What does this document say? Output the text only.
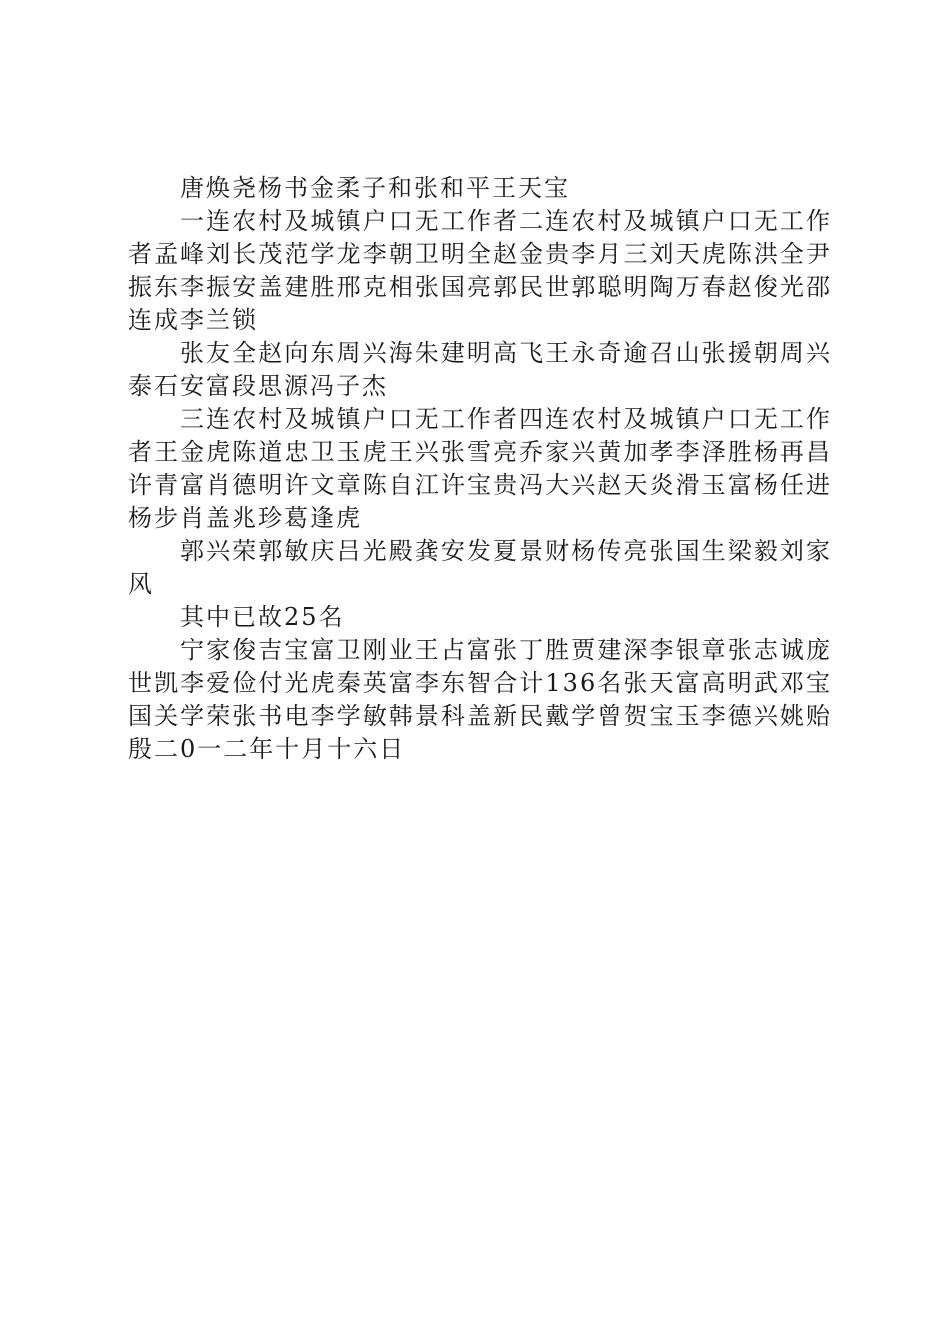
唐焕尧杨书金柔子和张和平王天宝

一连农村及城镇户口无工作者二连农村及城镇户口无工作者孟峰刘长茂范学龙李朝卫明全赵金贵李月三刘天虎陈洪全尹振东李振安盖建胜邢克相张国亮郭民世郭聪明陶万春赵俊光邵连成李兰锁

张友全赵向东周兴海朱建明高飞王永奇逾召山张援朝周兴泰石安富段思源冯子杰

三连农村及城镇户口无工作者四连农村及城镇户口无工作者王金虎陈道忠卫玉虎王兴张雪亮乔家兴黄加孝李泽胜杨再昌许青富肖德明许文章陈自江许宝贵冯大兴赵天炎滑玉富杨任进杨步肖盖兆珍葛逢虎

郭兴荣郭敏庆吕光殿龚安发夏景财杨传亮张国生梁毅刘家风

其中已故25名

宁家俊吉宝富卫刚业王占富张丁胜贾建深李银章张志诚庞世凯李爱俭付光虎秦英富李东智合计136名张天富高明武邓宝国关学荣张书电李学敏韩景科盖新民戴学曾贺宝玉李德兴姚贻殷二0一二年十月十六日
